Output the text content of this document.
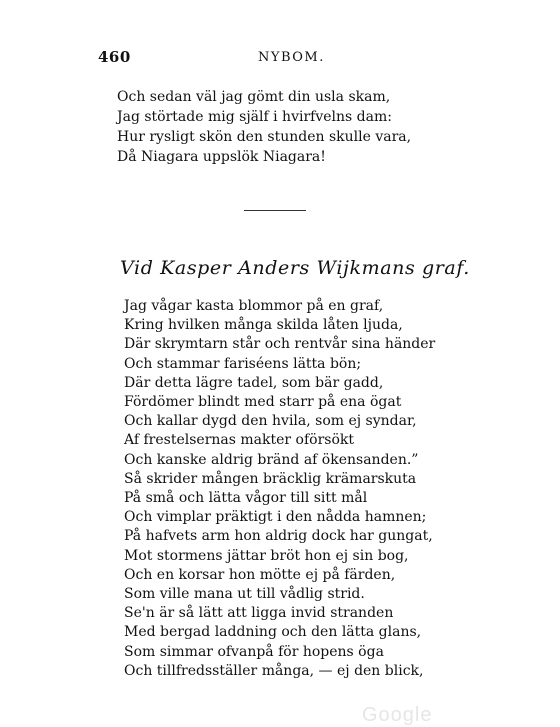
460	NYBOM.
Och sedan väl jag gömt din usla skam,
Jag störtade mig själf i hvirfvelns dam:
Hur rysligt skön den stunden skulle vara,
Då Niagara uppslök Niagara!
Vid Kasper Anders Wijkmans graf.
Jag vågar kasta blommor på en graf,
Kring hvilken många skilda låten ljuda,
Där skrymtarn står och rentvår sina händer
Och stammar fariséens lätta bön;
Där detta lägre tadel, som bär gadd,
Fördömer blindt med starr på ena ögat
Och kallar dygd den hvila, som ej syndar,
Af frestelsernas makter oförsökt
Och kanske aldrig bränd af ökensanden.”
Så skrider mången bräcklig krämarskuta
På små och lätta vågor till sitt mål
Och vimplar präktigt i den nådda hamnen;
På hafvets arm hon aldrig dock har gungat,
Mot stormens jättar bröt hon ej sin bog,
Och en korsar hon mötte ej på färden,
Som ville mana ut till vådlig strid.
Se'n är så lätt att ligga invid stranden
Med bergad laddning och den lätta glans,
Som simmar ofvanpå för hopens öga
Och tillfredsställer många, — ej den blick,
Google
